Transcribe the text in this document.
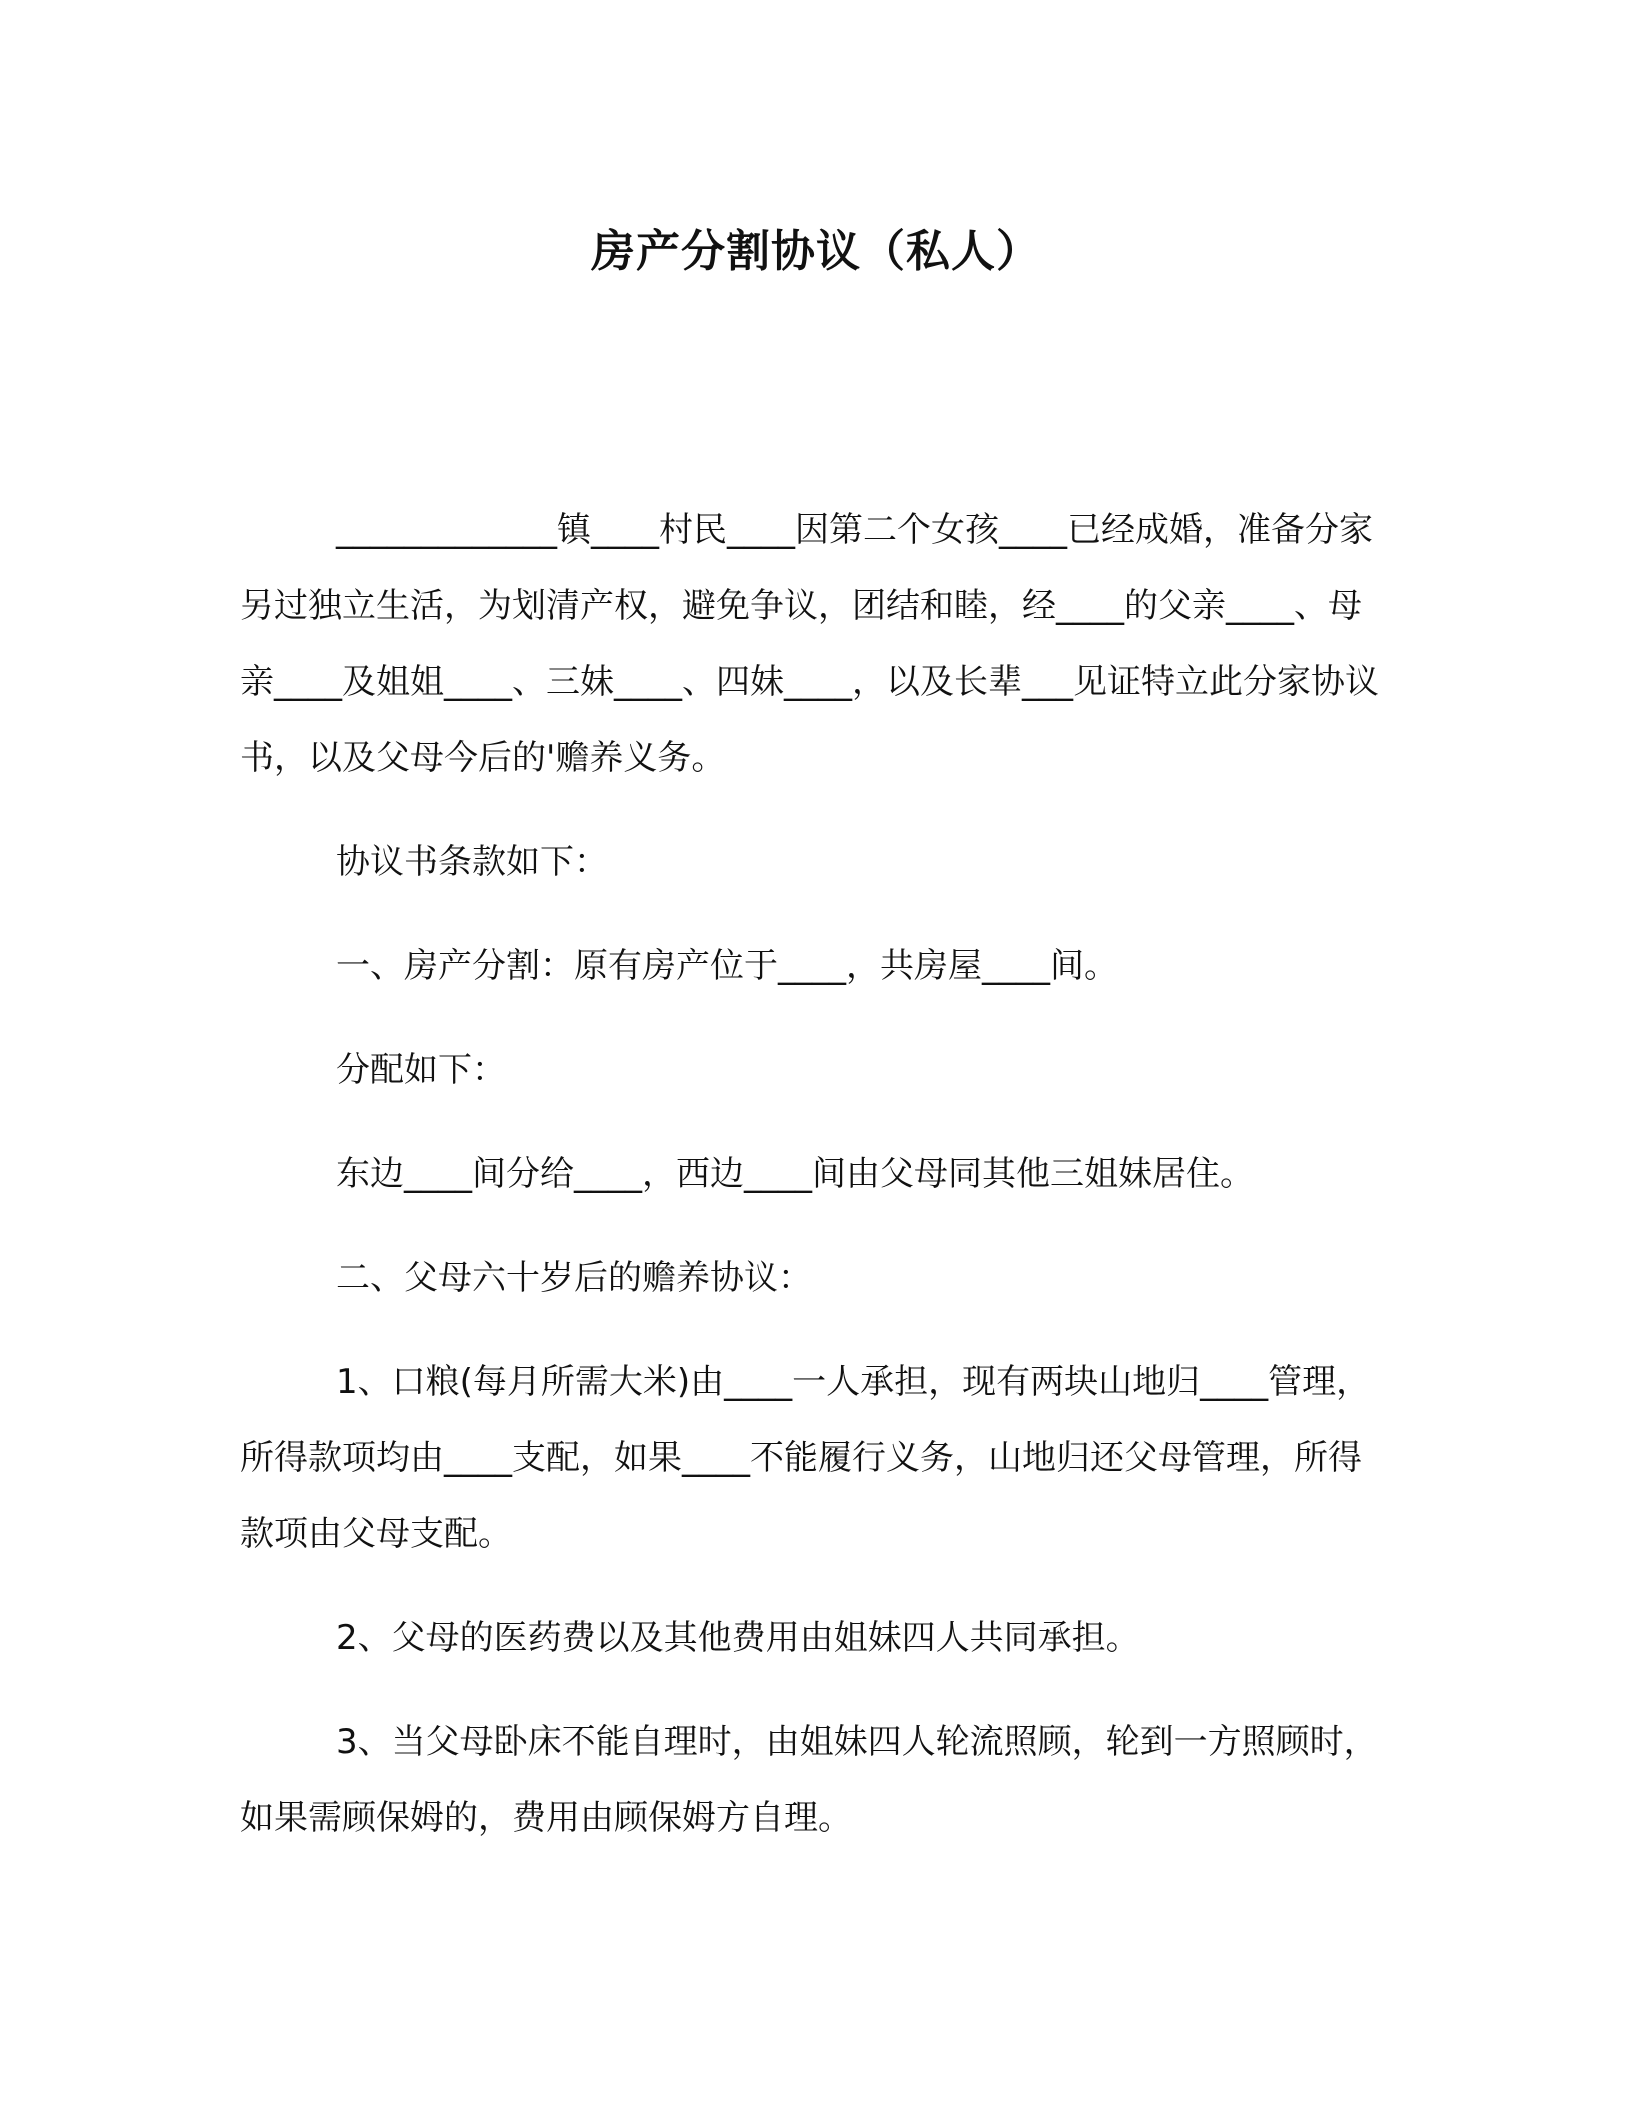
房产分割协议（私人）

_____________镇____村民____因第二个女孩____已经成婚，准备分家另过独立生活，为划清产权，避免争议，团结和睦，经____的父亲____、母亲____及姐姐____、三妹____、四妹____，以及长辈___见证特立此分家协议书，以及父母今后的'赡养义务。

协议书条款如下：

一、房产分割：原有房产位于____，共房屋____间。

分配如下：

东边____间分给____，西边____间由父母同其他三姐妹居住。

二、父母六十岁后的赡养协议：

1、口粮(每月所需大米)由____一人承担，现有两块山地归____管理，所得款项均由____支配，如果____不能履行义务，山地归还父母管理，所得款项由父母支配。

2、父母的医药费以及其他费用由姐妹四人共同承担。

3、当父母卧床不能自理时，由姐妹四人轮流照顾，轮到一方照顾时，如果需顾保姆的，费用由顾保姆方自理。
